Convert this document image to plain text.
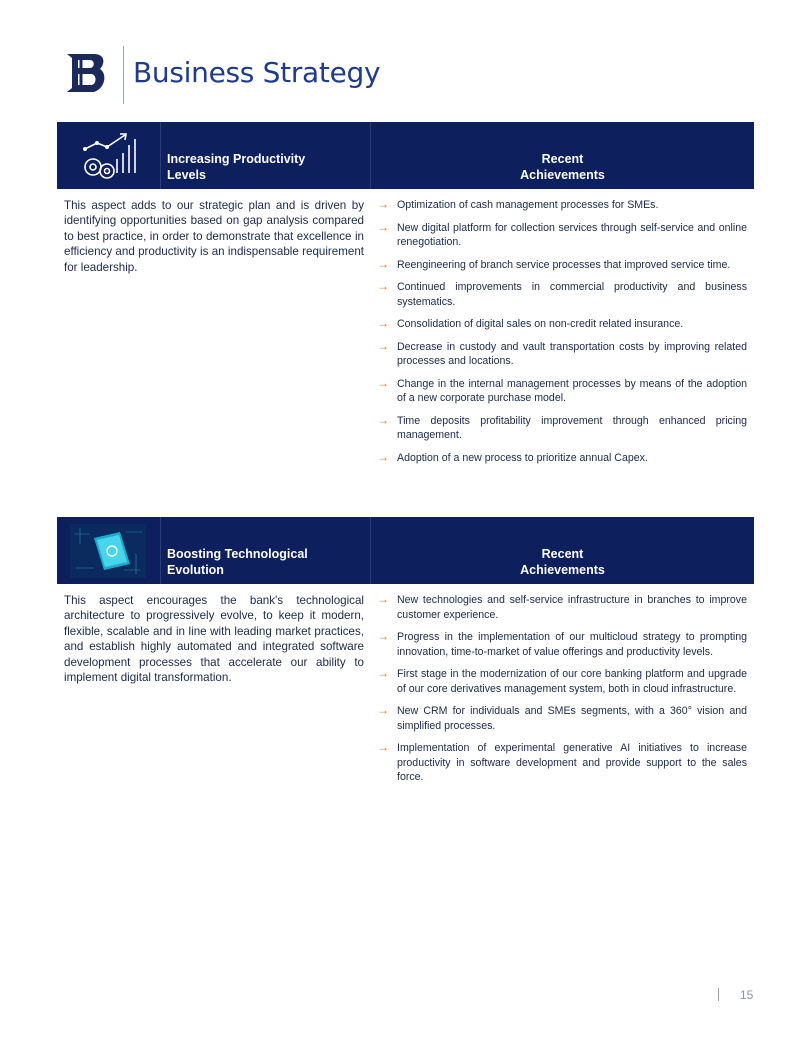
Business Strategy
Increasing Productivity
Levels
Recent
Achievements
This aspect adds to our strategic plan and is driven by identifying opportunities based on gap analysis compared to best practice, in order to demonstrate that excellence in efficiency and productivity is an indispensable requirement for leadership.
→ Optimization of cash management processes for SMEs.
→ New digital platform for collection services through self-service and online renegotiation.
→ Reengineering of branch service processes that improved service time.
→ Continued improvements in commercial productivity and business systematics.
→ Consolidation of digital sales on non-credit related insurance.
→ Decrease in custody and vault transportation costs by improving related processes and locations.
→ Change in the internal management processes by means of the adoption of a new corporate purchase model.
→ Time deposits profitability improvement through enhanced pricing management.
→ Adoption of a new process to prioritize annual Capex.
Boosting Technological
Evolution
Recent
Achievements
This aspect encourages the bank's technological architecture to progressively evolve, to keep it modern, flexible, scalable and in line with leading market practices, and establish highly automated and integrated software development processes that accelerate our ability to implement digital transformation.
→ New technologies and self-service infrastructure in branches to improve customer experience.
→ Progress in the implementation of our multicloud strategy to prompting innovation, time-to-market of value offerings and productivity levels.
→ First stage in the modernization of our core banking platform and upgrade of our core derivatives management system, both in cloud infrastructure.
→ New CRM for individuals and SMEs segments, with a 360° vision and simplified processes.
→ Implementation of experimental generative AI initiatives to increase productivity in software development and provide support to the sales force.
15
